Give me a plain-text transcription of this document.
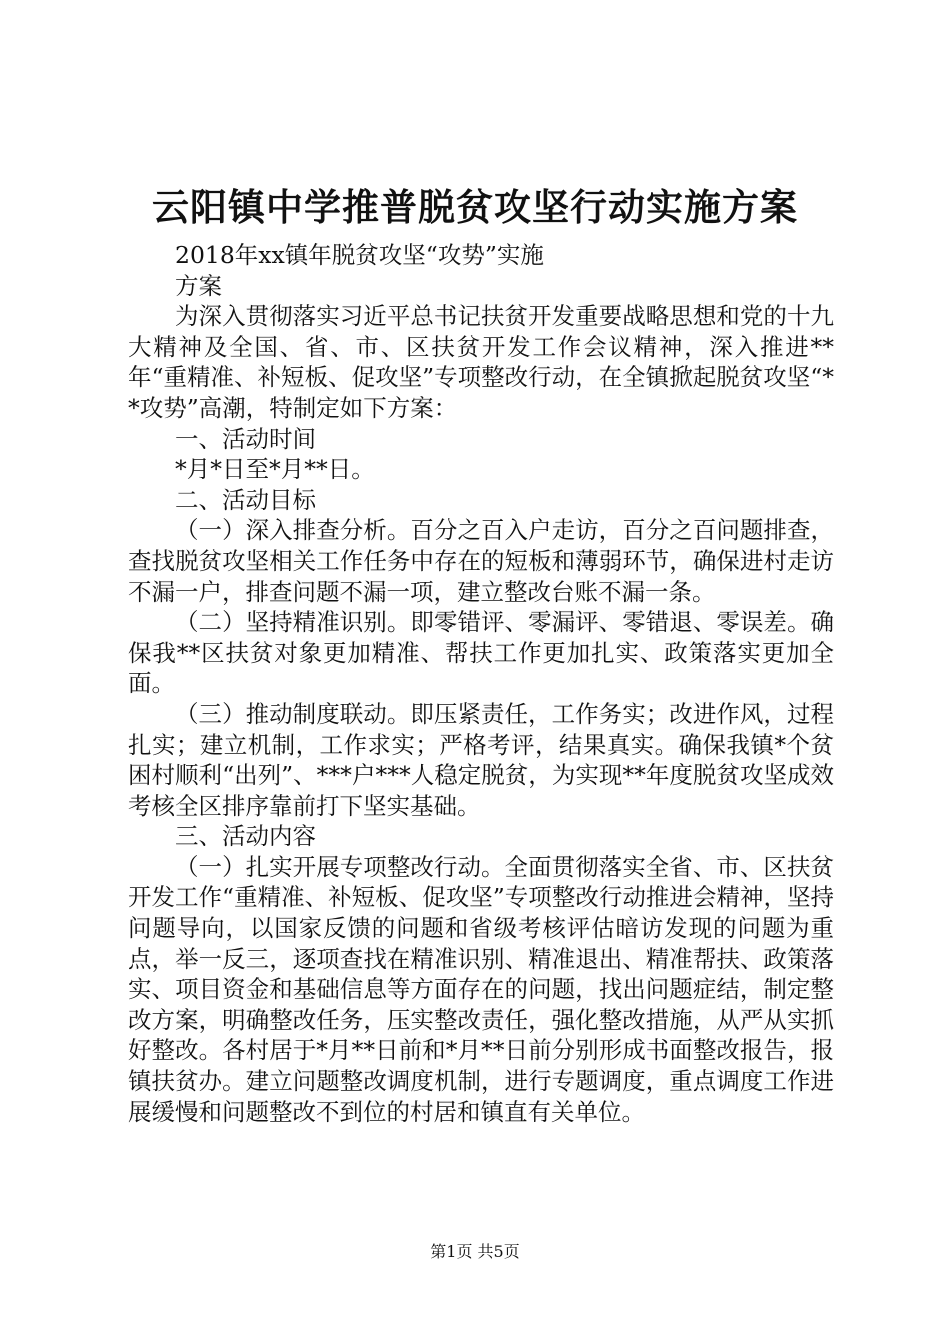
云阳镇中学推普脱贫攻坚行动实施方案

2018年xx镇年脱贫攻坚“攻势”实施

方案

为深入贯彻落实习近平总书记扶贫开发重要战略思想和党的十九大精神及全国、省、市、区扶贫开发工作会议精神，深入推进**年“重精准、补短板、促攻坚”专项整改行动，在全镇掀起脱贫攻坚“**攻势”高潮，特制定如下方案：

一、活动时间

*月*日至*月**日。

二、活动目标

（一）深入排查分析。百分之百入户走访，百分之百问题排查，查找脱贫攻坚相关工作任务中存在的短板和薄弱环节，确保进村走访不漏一户，排查问题不漏一项，建立整改台账不漏一条。

（二）坚持精准识别。即零错评、零漏评、零错退、零误差。确保我**区扶贫对象更加精准、帮扶工作更加扎实、政策落实更加全面。

（三）推动制度联动。即压紧责任，工作务实；改进作风，过程扎实；建立机制，工作求实；严格考评，结果真实。确保我镇*个贫困村顺利“出列”、***户***人稳定脱贫，为实现**年度脱贫攻坚成效考核全区排序靠前打下坚实基础。

三、活动内容

（一）扎实开展专项整改行动。全面贯彻落实全省、市、区扶贫开发工作“重精准、补短板、促攻坚”专项整改行动推进会精神，坚持问题导向，以国家反馈的问题和省级考核评估暗访发现的问题为重点，举一反三，逐项查找在精准识别、精准退出、精准帮扶、政策落实、项目资金和基础信息等方面存在的问题，找出问题症结，制定整改方案，明确整改任务，压实整改责任，强化整改措施，从严从实抓好整改。各村居于*月**日前和*月**日前分别形成书面整改报告，报镇扶贫办。建立问题整改调度机制，进行专题调度，重点调度工作进展缓慢和问题整改不到位的村居和镇直有关单位。

第1页 共5页
